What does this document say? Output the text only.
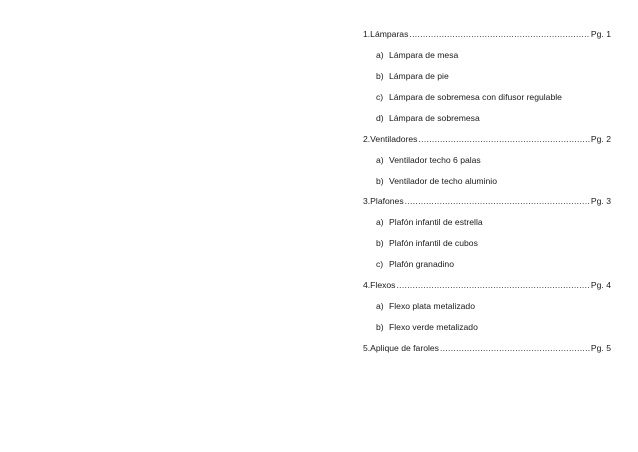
1. Lámparas .....	Pg. 1
a) Lámpara de mesa
b) Lámpara de pie
c) Lámpara de sobremesa con difusor regulable
d) Lámpara de sobremesa
2. Ventiladores .....	Pg. 2
a) Ventilador techo 6 palas
b) Ventilador de techo aluminio
3. Plafones .....	Pg. 3
a) Plafón infantil de estrella
b) Plafón infantil de cubos
c) Plafón granadino
4. Flexos .....	Pg. 4
a) Flexo plata metalizado
b) Flexo verde metalizado
5. Aplique de faroles .....	Pg. 5
